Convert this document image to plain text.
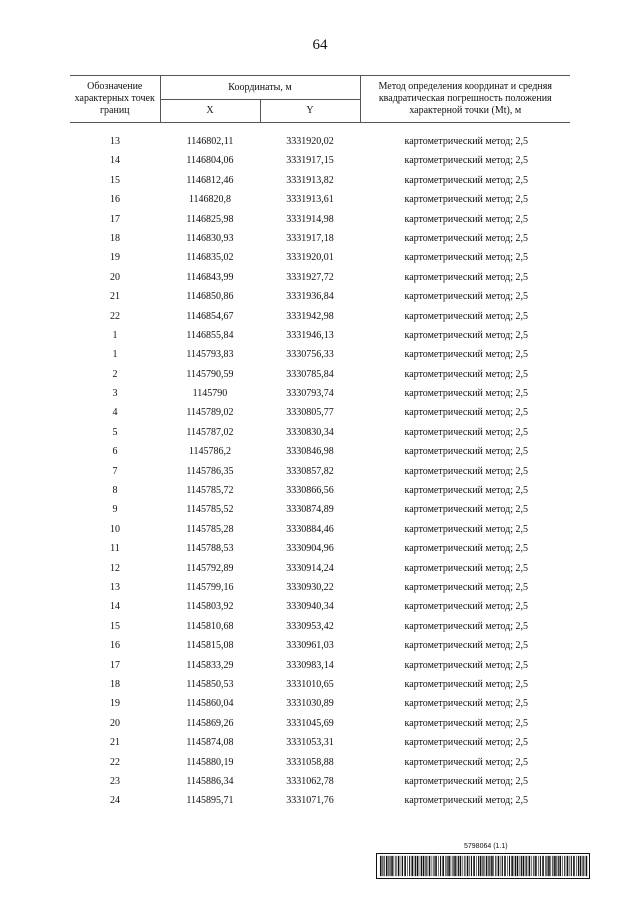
64
Обозначение характерных точек границ	Координаты, м		Метод определения координат и средняя квадратическая погрешность положения характерной точки (Mt), м
	X	Y	
13	1146802,11	3331920,02	картометрический метод; 2,5
14	1146804,06	3331917,15	картометрический метод; 2,5
15	1146812,46	3331913,82	картометрический метод; 2,5
16	1146820,8	3331913,61	картометрический метод; 2,5
17	1146825,98	3331914,98	картометрический метод; 2,5
18	1146830,93	3331917,18	картометрический метод; 2,5
19	1146835,02	3331920,01	картометрический метод; 2,5
20	1146843,99	3331927,72	картометрический метод; 2,5
21	1146850,86	3331936,84	картометрический метод; 2,5
22	1146854,67	3331942,98	картометрический метод; 2,5
1	1146855,84	3331946,13	картометрический метод; 2,5
1	1145793,83	3330756,33	картометрический метод; 2,5
2	1145790,59	3330785,84	картометрический метод; 2,5
3	1145790	3330793,74	картометрический метод; 2,5
4	1145789,02	3330805,77	картометрический метод; 2,5
5	1145787,02	3330830,34	картометрический метод; 2,5
6	1145786,2	3330846,98	картометрический метод; 2,5
7	1145786,35	3330857,82	картометрический метод; 2,5
8	1145785,72	3330866,56	картометрический метод; 2,5
9	1145785,52	3330874,89	картометрический метод; 2,5
10	1145785,28	3330884,46	картометрический метод; 2,5
11	1145788,53	3330904,96	картометрический метод; 2,5
12	1145792,89	3330914,24	картометрический метод; 2,5
13	1145799,16	3330930,22	картометрический метод; 2,5
14	1145803,92	3330940,34	картометрический метод; 2,5
15	1145810,68	3330953,42	картометрический метод; 2,5
16	1145815,08	3330961,03	картометрический метод; 2,5
17	1145833,29	3330983,14	картометрический метод; 2,5
18	1145850,53	3331010,65	картометрический метод; 2,5
19	1145860,04	3331030,89	картометрический метод; 2,5
20	1145869,26	3331045,69	картометрический метод; 2,5
21	1145874,08	3331053,31	картометрический метод; 2,5
22	1145880,19	3331058,88	картометрический метод; 2,5
23	1145886,34	3331062,78	картометрический метод; 2,5
24	1145895,71	3331071,76	картометрический метод; 2,5
5798064 (1.1)
